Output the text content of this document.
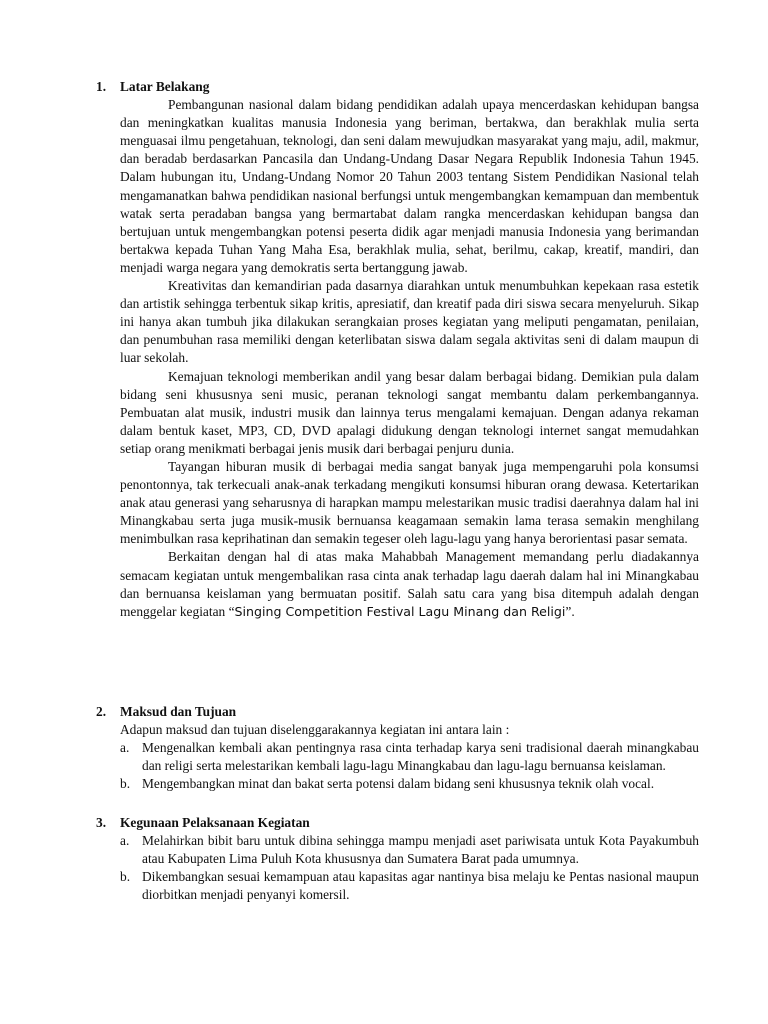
1. Latar Belakang

Pembangunan nasional dalam bidang pendidikan adalah upaya mencerdaskan kehidupan bangsa dan meningkatkan kualitas manusia Indonesia yang beriman, bertakwa, dan berakhlak mulia serta menguasai ilmu pengetahuan, teknologi, dan seni dalam mewujudkan masyarakat yang maju, adil, makmur, dan beradab berdasarkan Pancasila dan Undang-Undang Dasar Negara Republik Indonesia Tahun 1945. Dalam hubungan itu, Undang-Undang Nomor 20 Tahun 2003 tentang Sistem Pendidikan Nasional telah mengamanatkan bahwa pendidikan nasional berfungsi untuk mengembangkan kemampuan dan membentuk watak serta peradaban bangsa yang bermartabat dalam rangka mencerdaskan kehidupan bangsa dan bertujuan untuk mengembangkan potensi peserta didik agar menjadi manusia Indonesia yang berimandan bertakwa kepada Tuhan Yang Maha Esa, berakhlak mulia, sehat, berilmu, cakap, kreatif, mandiri, dan menjadi warga negara yang demokratis serta bertanggung jawab.

Kreativitas dan kemandirian pada dasarnya diarahkan untuk menumbuhkan kepekaan rasa estetik dan artistik sehingga terbentuk sikap kritis, apresiatif, dan kreatif pada diri siswa secara menyeluruh. Sikap ini hanya akan tumbuh jika dilakukan serangkaian proses kegiatan yang meliputi pengamatan, penilaian, dan penumbuhan rasa memiliki dengan keterlibatan siswa dalam segala aktivitas seni di dalam maupun di luar sekolah.

Kemajuan teknologi memberikan andil yang besar dalam berbagai bidang. Demikian pula dalam bidang seni khususnya seni music, peranan teknologi sangat membantu dalam perkembangannya. Pembuatan alat musik, industri musik dan lainnya terus mengalami kemajuan. Dengan adanya rekaman dalam bentuk kaset, MP3, CD, DVD apalagi didukung dengan teknologi internet sangat memudahkan setiap orang menikmati berbagai jenis musik dari berbagai penjuru dunia.

Tayangan hiburan musik di berbagai media sangat banyak juga mempengaruhi pola konsumsi penontonnya, tak terkecuali anak-anak terkadang mengikuti konsumsi hiburan orang dewasa. Ketertarikan anak atau generasi yang seharusnya di harapkan mampu melestarikan music tradisi daerahnya dalam hal ini Minangkabau serta juga musik-musik bernuansa keagamaan semakin lama terasa semakin menghilang menimbulkan rasa keprihatinan dan semakin tegeser oleh lagu-lagu yang hanya berorientasi pasar semata.

Berkaitan dengan hal di atas maka Mahabbah Management memandang perlu diadakannya semacam kegiatan untuk mengembalikan rasa cinta anak terhadap lagu daerah dalam hal ini Minangkabau dan bernuansa keislaman yang bermuatan positif. Salah satu cara yang bisa ditempuh adalah dengan menggelar kegiatan “Singing Competition Festival Lagu Minang dan Religi”.

2. Maksud dan Tujuan

Adapun maksud dan tujuan diselenggarakannya kegiatan ini antara lain :

a. Mengenalkan kembali akan pentingnya rasa cinta terhadap karya seni tradisional daerah minangkabau dan religi serta melestarikan kembali lagu-lagu Minangkabau dan lagu-lagu bernuansa keislaman.
b. Mengembangkan minat dan bakat serta potensi dalam bidang seni khususnya teknik olah vocal.
3. Kegunaan Pelaksanaan Kegiatan
a. Melahirkan bibit baru untuk dibina sehingga mampu menjadi aset pariwisata untuk Kota Payakumbuh atau Kabupaten Lima Puluh Kota khususnya dan Sumatera Barat pada umumnya.
b. Dikembangkan sesuai kemampuan atau kapasitas agar nantinya bisa melaju ke Pentas nasional maupun diorbitkan menjadi penyanyi komersil.
